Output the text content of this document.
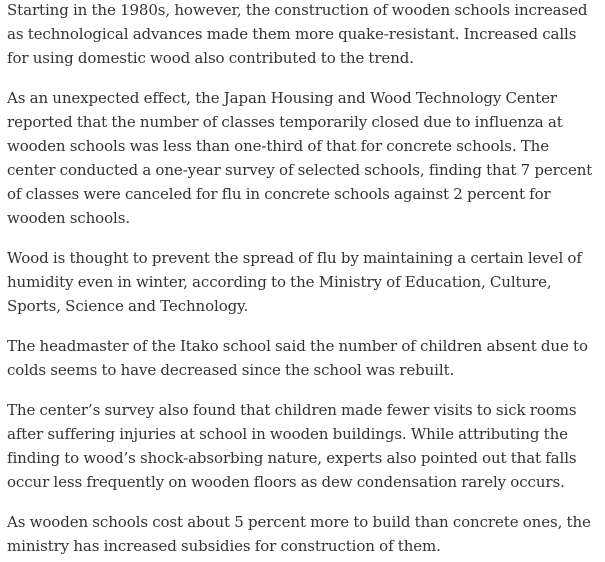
Starting in the 1980s, however, the construction of wooden schools increased as technological advances made them more quake-resistant. Increased calls for using domestic wood also contributed to the trend.

As an unexpected effect, the Japan Housing and Wood Technology Center reported that the number of classes temporarily closed due to influenza at wooden schools was less than one-third of that for concrete schools. The center conducted a one-year survey of selected schools, finding that 7 percent of classes were canceled for flu in concrete schools against 2 percent for wooden schools.

Wood is thought to prevent the spread of flu by maintaining a certain level of humidity even in winter, according to the Ministry of Education, Culture, Sports, Science and Technology.

The headmaster of the Itako school said the number of children absent due to colds seems to have decreased since the school was rebuilt.

The center’s survey also found that children made fewer visits to sick rooms after suffering injuries at school in wooden buildings. While attributing the finding to wood’s shock-absorbing nature, experts also pointed out that falls occur less frequently on wooden floors as dew condensation rarely occurs.

As wooden schools cost about 5 percent more to build than concrete ones, the ministry has increased subsidies for construction of them.
